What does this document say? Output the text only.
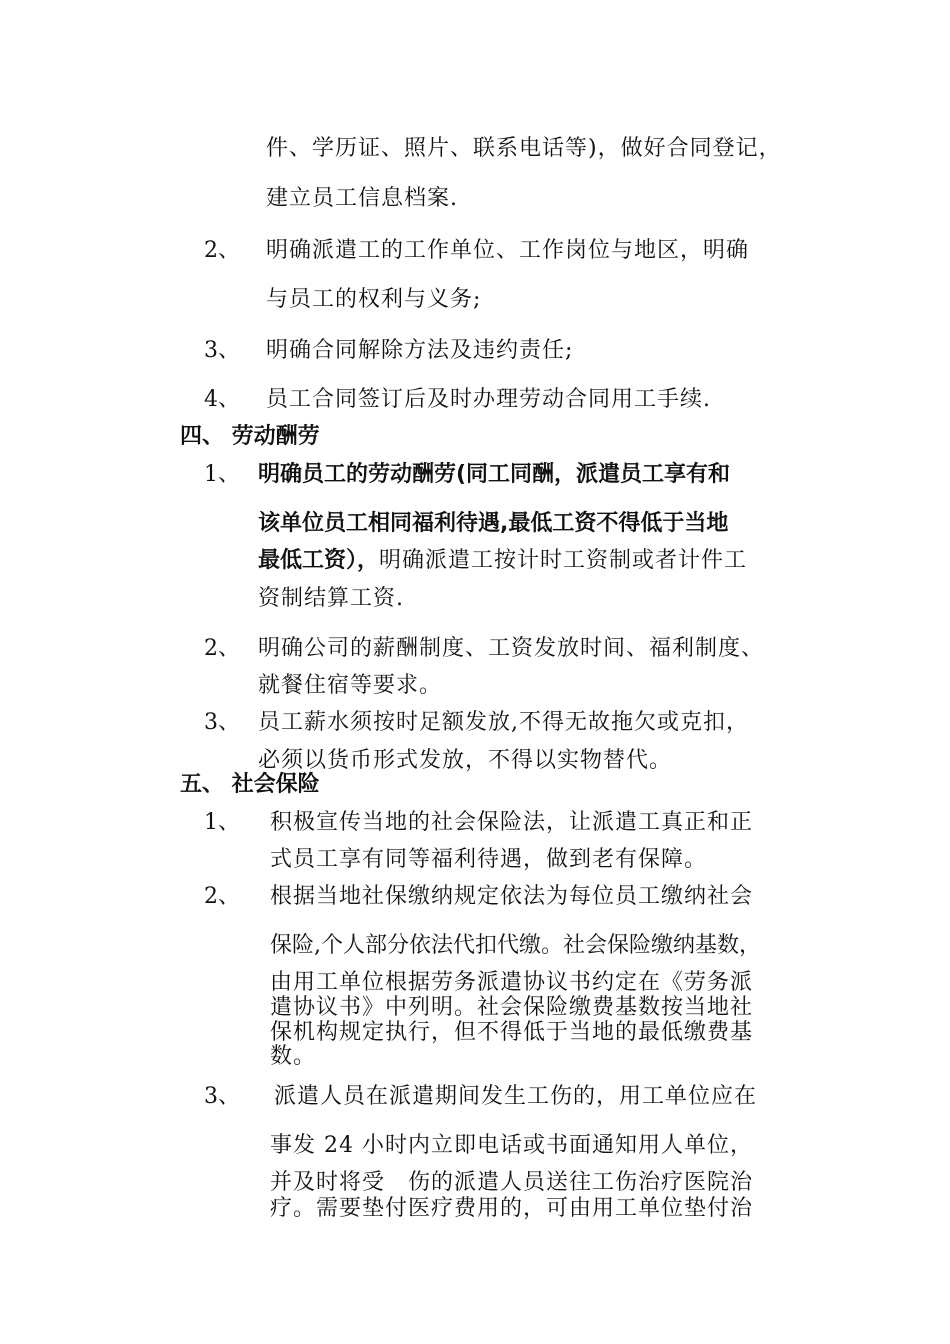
件、学历证、照片、联系电话等)，做好合同登记，
建立员工信息档案.
2、 明确派遣工的工作单位、工作岗位与地区，明确
与员工的权利与义务;
3、 明确合同解除方法及违约责任;
4、 员工合同签订后及时办理劳动合同用工手续.
四、 劳动酬劳
1、 明确员工的劳动酬劳(同工同酬，派遣员工享有和
该单位员工相同福利待遇,最低工资不得低于当地
最低工资），明确派遣工按计时工资制或者计件工
资制结算工资.
2、 明确公司的薪酬制度、工资发放时间、福利制度、
就餐住宿等要求。
3、 员工薪水须按时足额发放,不得无故拖欠或克扣，
必须以货币形式发放，不得以实物替代。
五、 社会保险
1、 积极宣传当地的社会保险法，让派遣工真正和正
式员工享有同等福利待遇，做到老有保障。
2、 根据当地社保缴纳规定依法为每位员工缴纳社会
保险,个人部分依法代扣代缴。社会保险缴纳基数，
由用工单位根据劳务派遣协议书约定在《劳务派
遣协议书》中列明。社会保险缴费基数按当地社
保机构规定执行，但不得低于当地的最低缴费基
数。
3、 派遣人员在派遣期间发生工伤的，用工单位应在
事发 24 小时内立即电话或书面通知用人单位，
并及时将受　伤的派遣人员送往工伤治疗医院治
疗。需要垫付医疗费用的，可由用工单位垫付治
